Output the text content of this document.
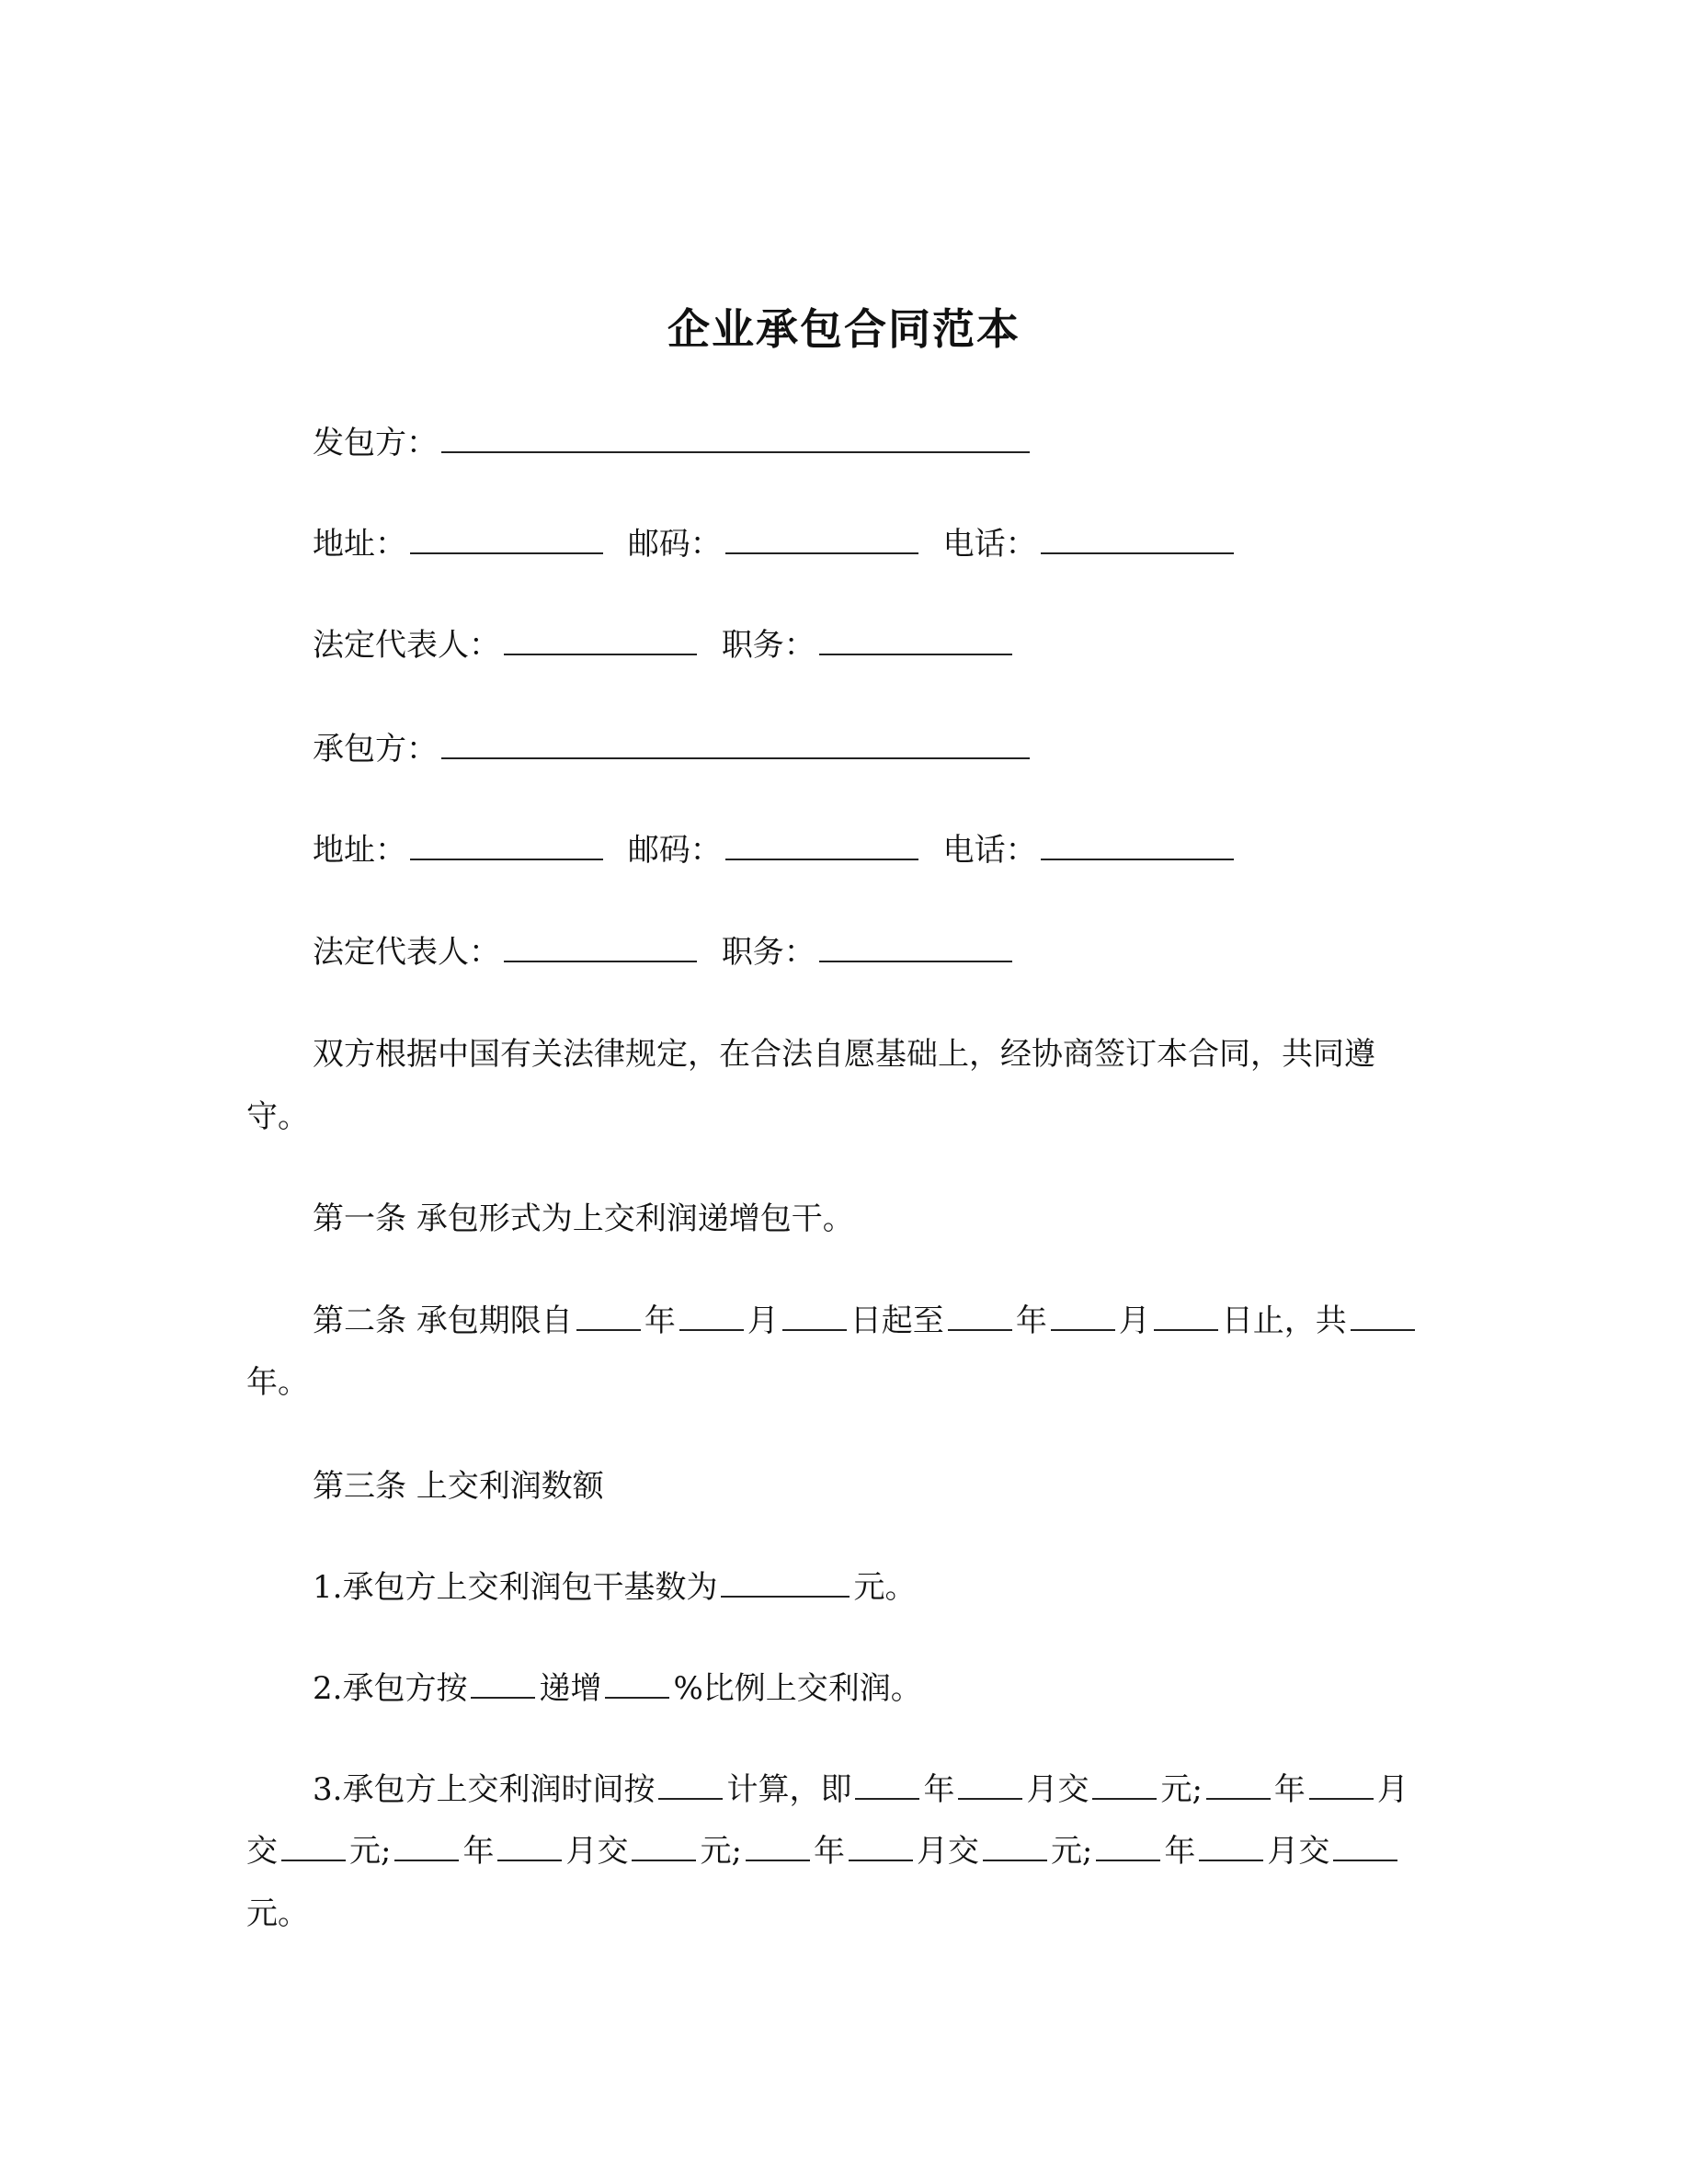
企业承包合同范本
发包方：
地址：	邮码：	电话：
法定代表人：	职务：
承包方：
地址：	邮码：	电话：
法定代表人：	职务：
双方根据中国有关法律规定，在合法自愿基础上，经协商签订本合同，共同遵
守。
第一条 承包形式为上交利润递增包干。
第二条 承包期限自 年 月 日起至 年 月 日止，共
年。
第三条 上交利润数额
1.承包方上交利润包干基数为	元。
2.承包方按 递增 %比例上交利润。
3.承包方上交利润时间按 计算，即 年 月交 元; 年 月
交 元; 年 月交 元; 年 月交 元; 年 月交
元。
